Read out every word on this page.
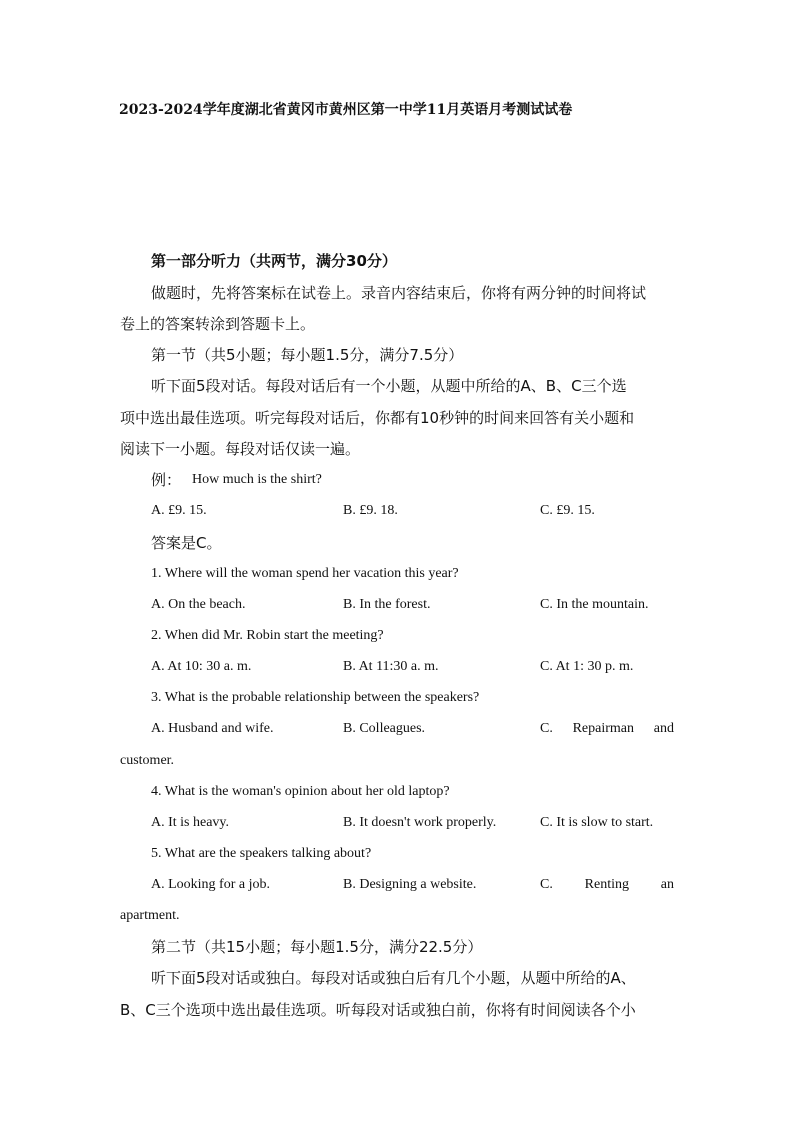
2023-2024学年度湖北省黄冈市黄州区第一中学11月英语月考测试试卷
第一部分听力（共两节，满分30分）
做题时，先将答案标在试卷上。录音内容结束后，你将有两分钟的时间将试
卷上的答案转涂到答题卡上。
第一节（共5小题；每小题1.5分，满分7.5分）
听下面5段对话。每段对话后有一个小题，从题中所给的A、B、C三个选
项中选出最佳选项。听完每段对话后，你都有10秒钟的时间来回答有关小题和
阅读下一小题。每段对话仅读一遍。
例： How much is the shirt?
A. £9. 15.	B. £9. 18.	C. £9. 15.
答案是C。
1. Where will the woman spend her vacation this year?
A. On the beach.	B. In the forest.	C. In the mountain.
2. When did Mr. Robin start the meeting?
A. At 10: 30 a. m.	B. At 11:30 a. m.	C. At 1: 30 p. m.
3. What is the probable relationship between the speakers?
A. Husband and wife.	B. Colleagues.	C. Repairman and
customer.
4. What is the woman's opinion about her old laptop?
A. It is heavy.	B. It doesn't work properly.	C. It is slow to start.
5. What are the speakers talking about?
A. Looking for a job.	B. Designing a website.	C. Renting an
apartment.
第二节（共15小题；每小题1.5分，满分22.5分）
听下面5段对话或独白。每段对话或独白后有几个小题，从题中所给的A、
B、C三个选项中选出最佳选项。听每段对话或独白前，你将有时间阅读各个小
